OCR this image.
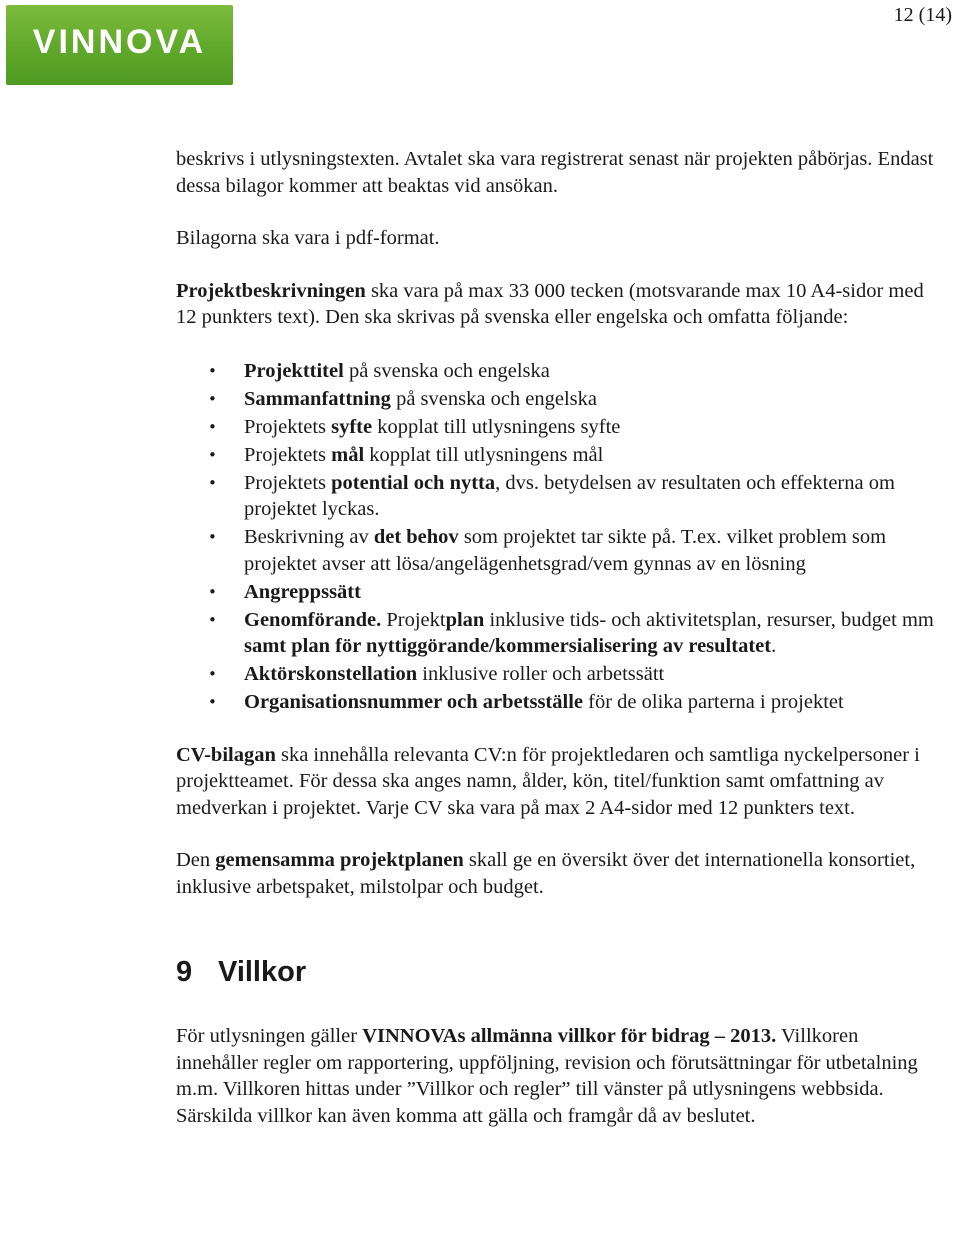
VINNOVA
12 (14)

beskrivs i utlysningstexten. Avtalet ska vara registrerat senast när projekten påbörjas. Endast dessa bilagor kommer att beaktas vid ansökan.

Bilagorna ska vara i pdf-format.

Projektbeskrivningen ska vara på max 33 000 tecken (motsvarande max 10 A4-sidor med 12 punkters text). Den ska skrivas på svenska eller engelska och omfatta följande:

• Projekttitel på svenska och engelska
• Sammanfattning på svenska och engelska
• Projektets syfte kopplat till utlysningens syfte
• Projektets mål kopplat till utlysningens mål
• Projektets potential och nytta, dvs. betydelsen av resultaten och effekterna om projektet lyckas.
• Beskrivning av det behov som projektet tar sikte på. T.ex. vilket problem som projektet avser att lösa/angelägenhetsgrad/vem gynnas av en lösning
• Angreppssätt
• Genomförande. Projektplan inklusive tids- och aktivitetsplan, resurser, budget mm samt plan för nyttiggörande/kommersialisering av resultatet.
• Aktörskonstellation inklusive roller och arbetssätt
• Organisationsnummer och arbetsställe för de olika parterna i projektet

CV-bilagan ska innehålla relevanta CV:n för projektledaren och samtliga nyckelpersoner i projektteamet. För dessa ska anges namn, ålder, kön, titel/funktion samt omfattning av medverkan i projektet. Varje CV ska vara på max 2 A4-sidor med 12 punkters text.

Den gemensamma projektplanen skall ge en översikt över det internationella konsortiet, inklusive arbetspaket, milstolpar och budget.

9 Villkor

För utlysningen gäller VINNOVAs allmänna villkor för bidrag – 2013. Villkoren innehåller regler om rapportering, uppföljning, revision och förutsättningar för utbetalning m.m. Villkoren hittas under ”Villkor och regler” till vänster på utlysningens webbsida. Särskilda villkor kan även komma att gälla och framgår då av beslutet.
